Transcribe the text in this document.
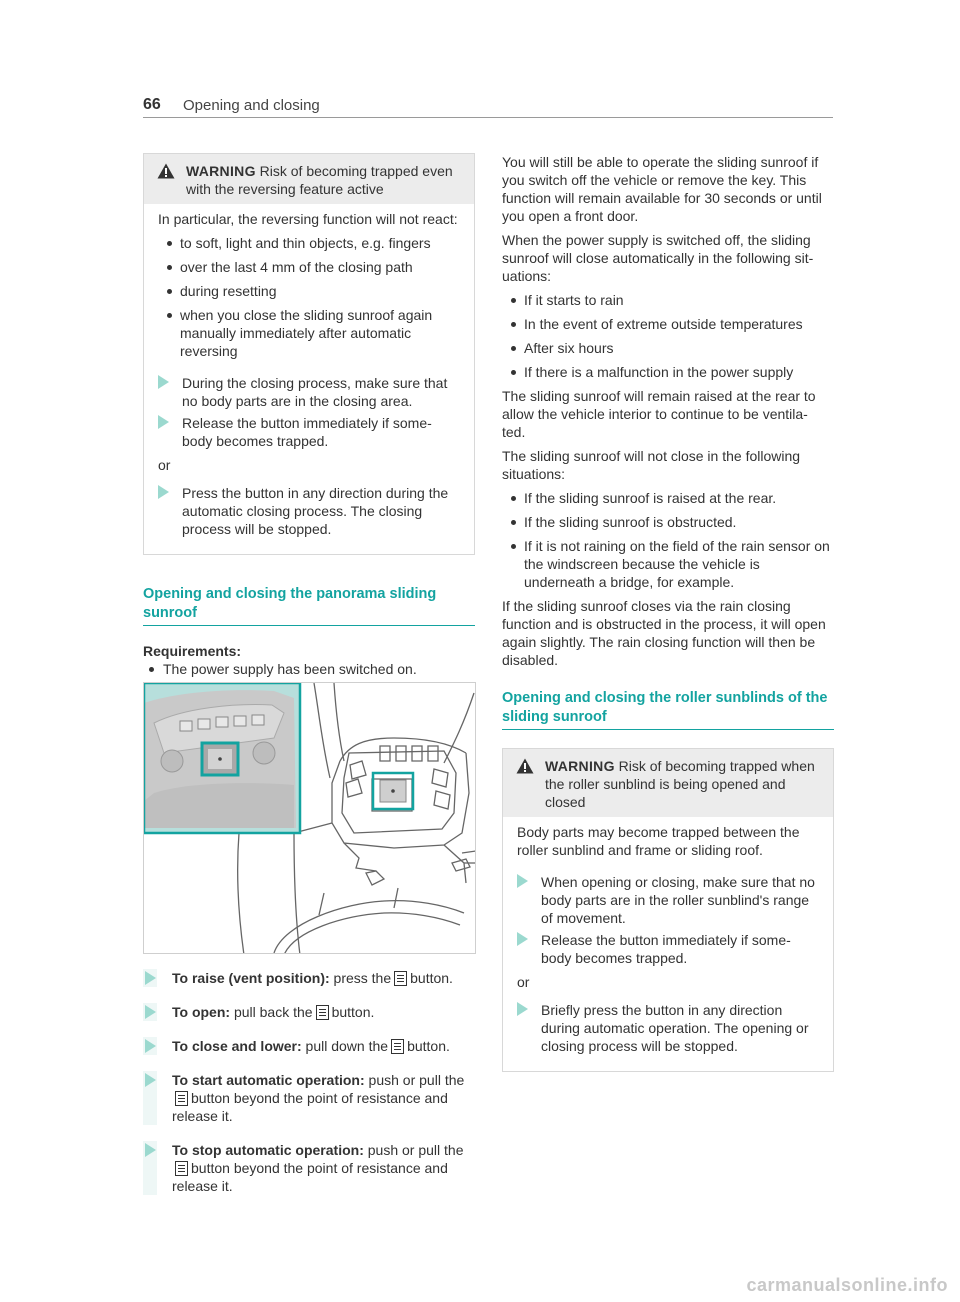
66 Opening and closing
WARNING Risk of becoming trapped even with the reversing feature active

In particular, the reversing function will not react:

to soft, light and thin objects, e.g. fingers
over the last 4 mm of the closing path
during resetting
when you close the sliding sunroof again manually immediately after automatic reversing
During the closing process, make sure that no body parts are in the closing area.
Release the button immediately if some- body becomes trapped.
or
Press the button in any direction during the automatic closing process. The closing process will be stopped.
Opening and closing the panorama sliding sunroof
Requirements:
The power supply has been switched on.
To raise (vent position): press the button.
To open: pull back the button.
To close and lower: pull down the button.
To start automatic operation: push or pull the
button beyond the point of resistance and release it.
To stop automatic operation: push or pull the
button beyond the point of resistance and release it.

You will still be able to operate the sliding sunroof if you switch off the vehicle or remove the key. This function will remain available for 30 seconds or until you open a front door.

When the power supply is switched off, the sliding sunroof will close automatically in the following sit- uations:

If it starts to rain
In the event of extreme outside temperatures
After six hours
If there is a malfunction in the power supply

The sliding sunroof will remain raised at the rear to allow the vehicle interior to continue to be ventila- ted.

The sliding sunroof will not close in the following situations:

If the sliding sunroof is raised at the rear.
If the sliding sunroof is obstructed.
If it is not raining on the field of the rain sensor on the windscreen because the vehicle is underneath a bridge, for example.

If the sliding sunroof closes via the rain closing function and is obstructed in the process, it will open again slightly. The rain closing function will then be disabled.

Opening and closing the roller sunblinds of the sliding sunroof
WARNING Risk of becoming trapped when the roller sunblind is being opened and closed

Body parts may become trapped between the roller sunblind and frame or sliding roof.

When opening or closing, make sure that no body parts are in the roller sunblind's range of movement.
Release the button immediately if some- body becomes trapped.
or
Briefly press the button in any direction during automatic operation. The opening or closing process will be stopped.
carmanualsonline.info
